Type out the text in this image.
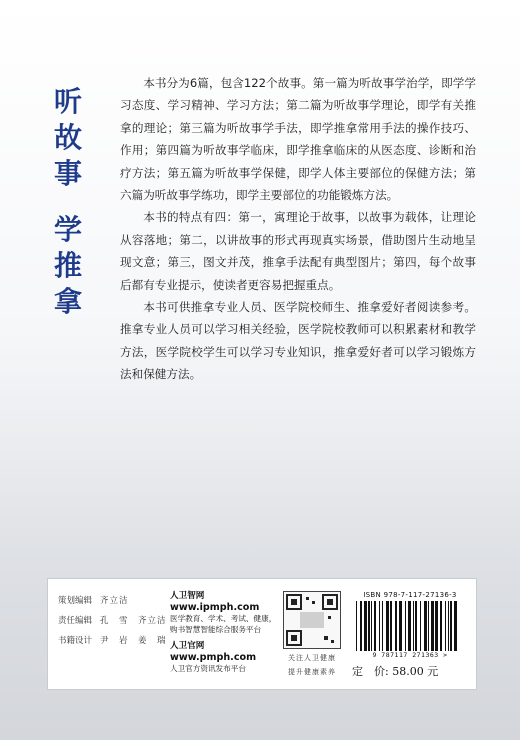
听故事
学推拿

本书分为6篇，包含122个故事。第一篇为听故事学治学，即学学习态度、学习精神、学习方法；第二篇为听故事学理论，即学有关推拿的理论；第三篇为听故事学手法，即学推拿常用手法的操作技巧、作用；第四篇为听故事学临床，即学推拿临床的从医态度、诊断和治疗方法；第五篇为听故事学保健，即学人体主要部位的保健方法；第六篇为听故事学练功，即学主要部位的功能锻炼方法。

本书的特点有四：第一，寓理论于故事，以故事为载体，让理论从容落地；第二，以讲故事的形式再现真实场景，借助图片生动地呈现文意；第三，图文并茂，推拿手法配有典型图片；第四，每个故事后都有专业提示，使读者更容易把握重点。

本书可供推拿专业人员、医学院校师生、推拿爱好者阅读参考。推拿专业人员可以学习相关经验，医学院校教师可以积累素材和教学方法，医学院校学生可以学习专业知识，推拿爱好者可以学习锻炼方法和保健方法。

策划编辑 齐立洁
责任编辑 孔　雪　齐立洁
书籍设计 尹　岩　姜　瑞
人卫智网
www.ipmph.com
医学教育、学术、考试、健康，购书智慧智能综合服务平台
人卫官网
www.pmph.com
人卫官方资讯发布平台
关注人卫健康
提升健康素养
ISBN 978-7-117-27136-3
9 787117 271363 >
定　价: 58.00 元
